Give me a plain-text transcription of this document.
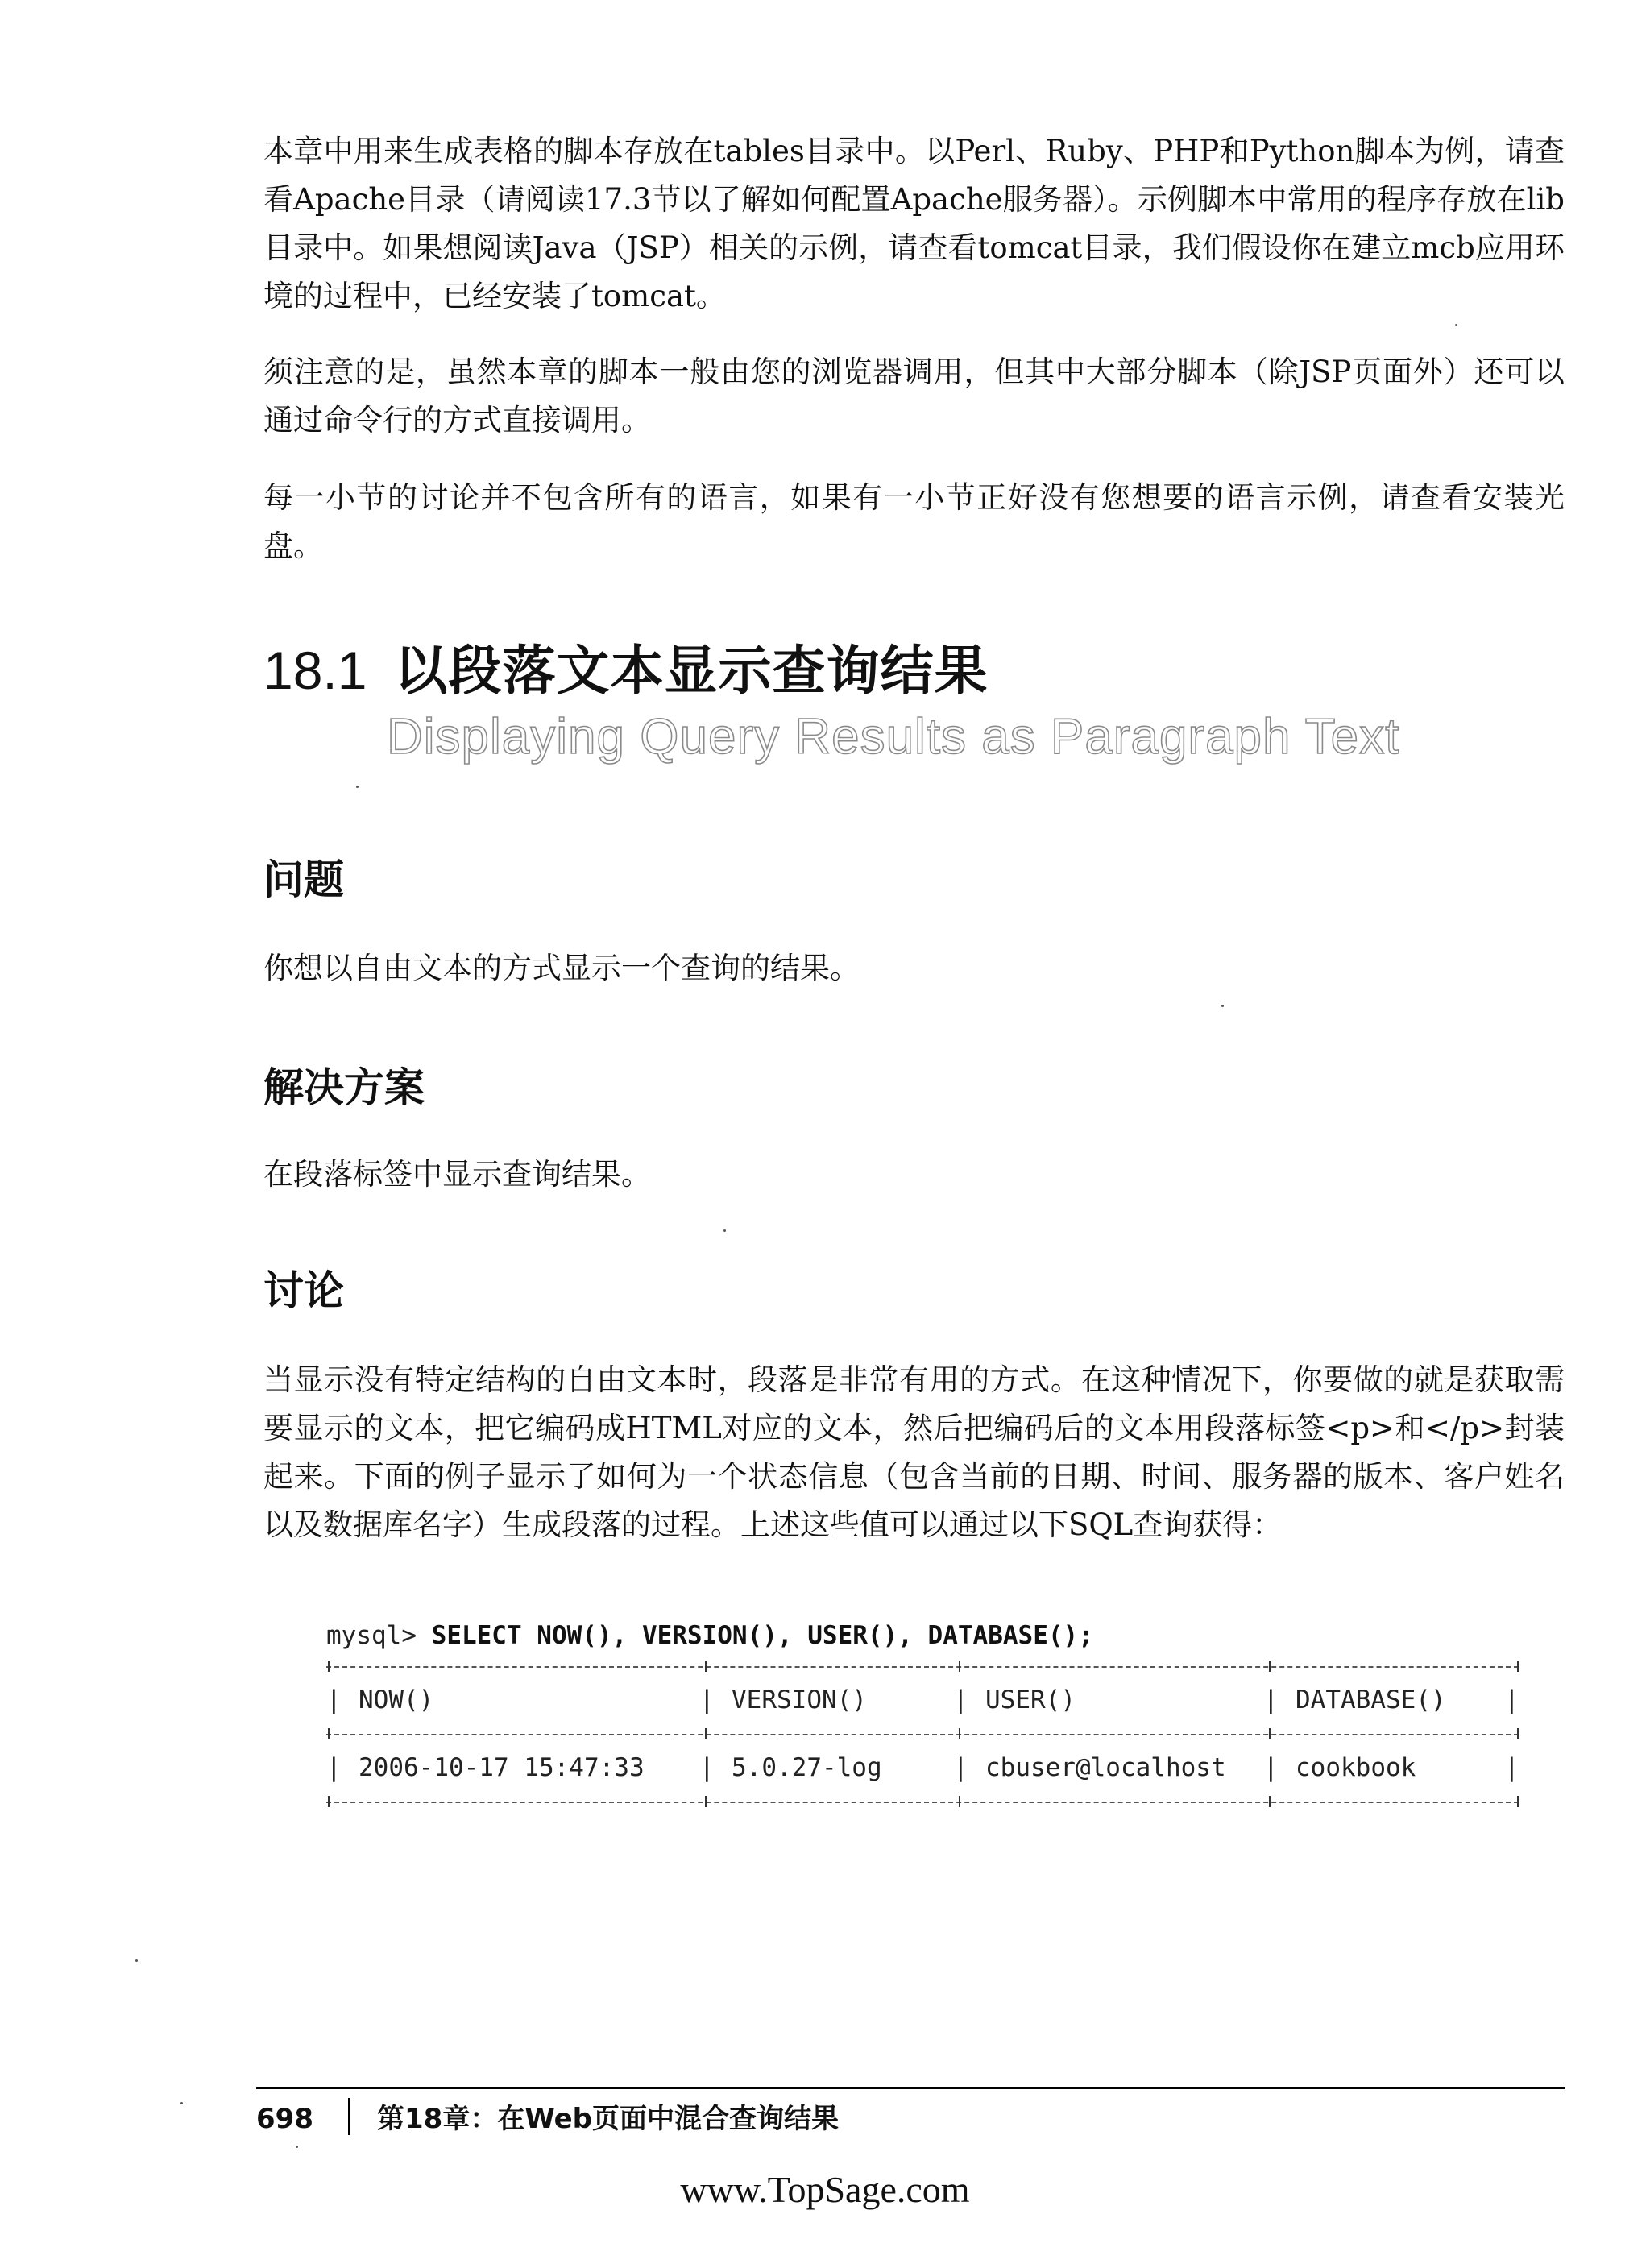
本章中用来生成表格的脚本存放在tables目录中。以Perl、Ruby、PHP和Python脚本为例，请查看Apache目录（请阅读17.3节以了解如何配置Apache服务器）。示例脚本中常用的程序存放在lib目录中。如果想阅读Java（JSP）相关的示例，请查看tomcat目录，我们假设你在建立mcb应用环境的过程中，已经安装了tomcat。

须注意的是，虽然本章的脚本一般由您的浏览器调用，但其中大部分脚本（除JSP页面外）还可以通过命令行的方式直接调用。

每一小节的讨论并不包含所有的语言，如果有一小节正好没有您想要的语言示例，请查看安装光盘。

18.1 以段落文本显示查询结果
Displaying Query Results as Paragraph Text
问题

你想以自由文本的方式显示一个查询的结果。

解决方案

在段落标签中显示查询结果。

讨论

当显示没有特定结构的自由文本时，段落是非常有用的方式。在这种情况下，你要做的就是获取需要显示的文本，把它编码成HTML对应的文本，然后把编码后的文本用段落标签<p>和</p>封装起来。下面的例子显示了如何为一个状态信息（包含当前的日期、时间、服务器的版本、客户姓名以及数据库名字）生成段落的过程。上述这些值可以通过以下SQL查询获得：

mysql> SELECT NOW(), VERSION(), USER(), DATABASE();
| NOW()	| VERSION()	| USER()	| DATABASE() |
| 2006-10-17 15:47:33 | 5.0.27-log	| cbuser@localhost | cookbook	|
698 第18章：在Web页面中混合查询结果
www.TopSage.com
